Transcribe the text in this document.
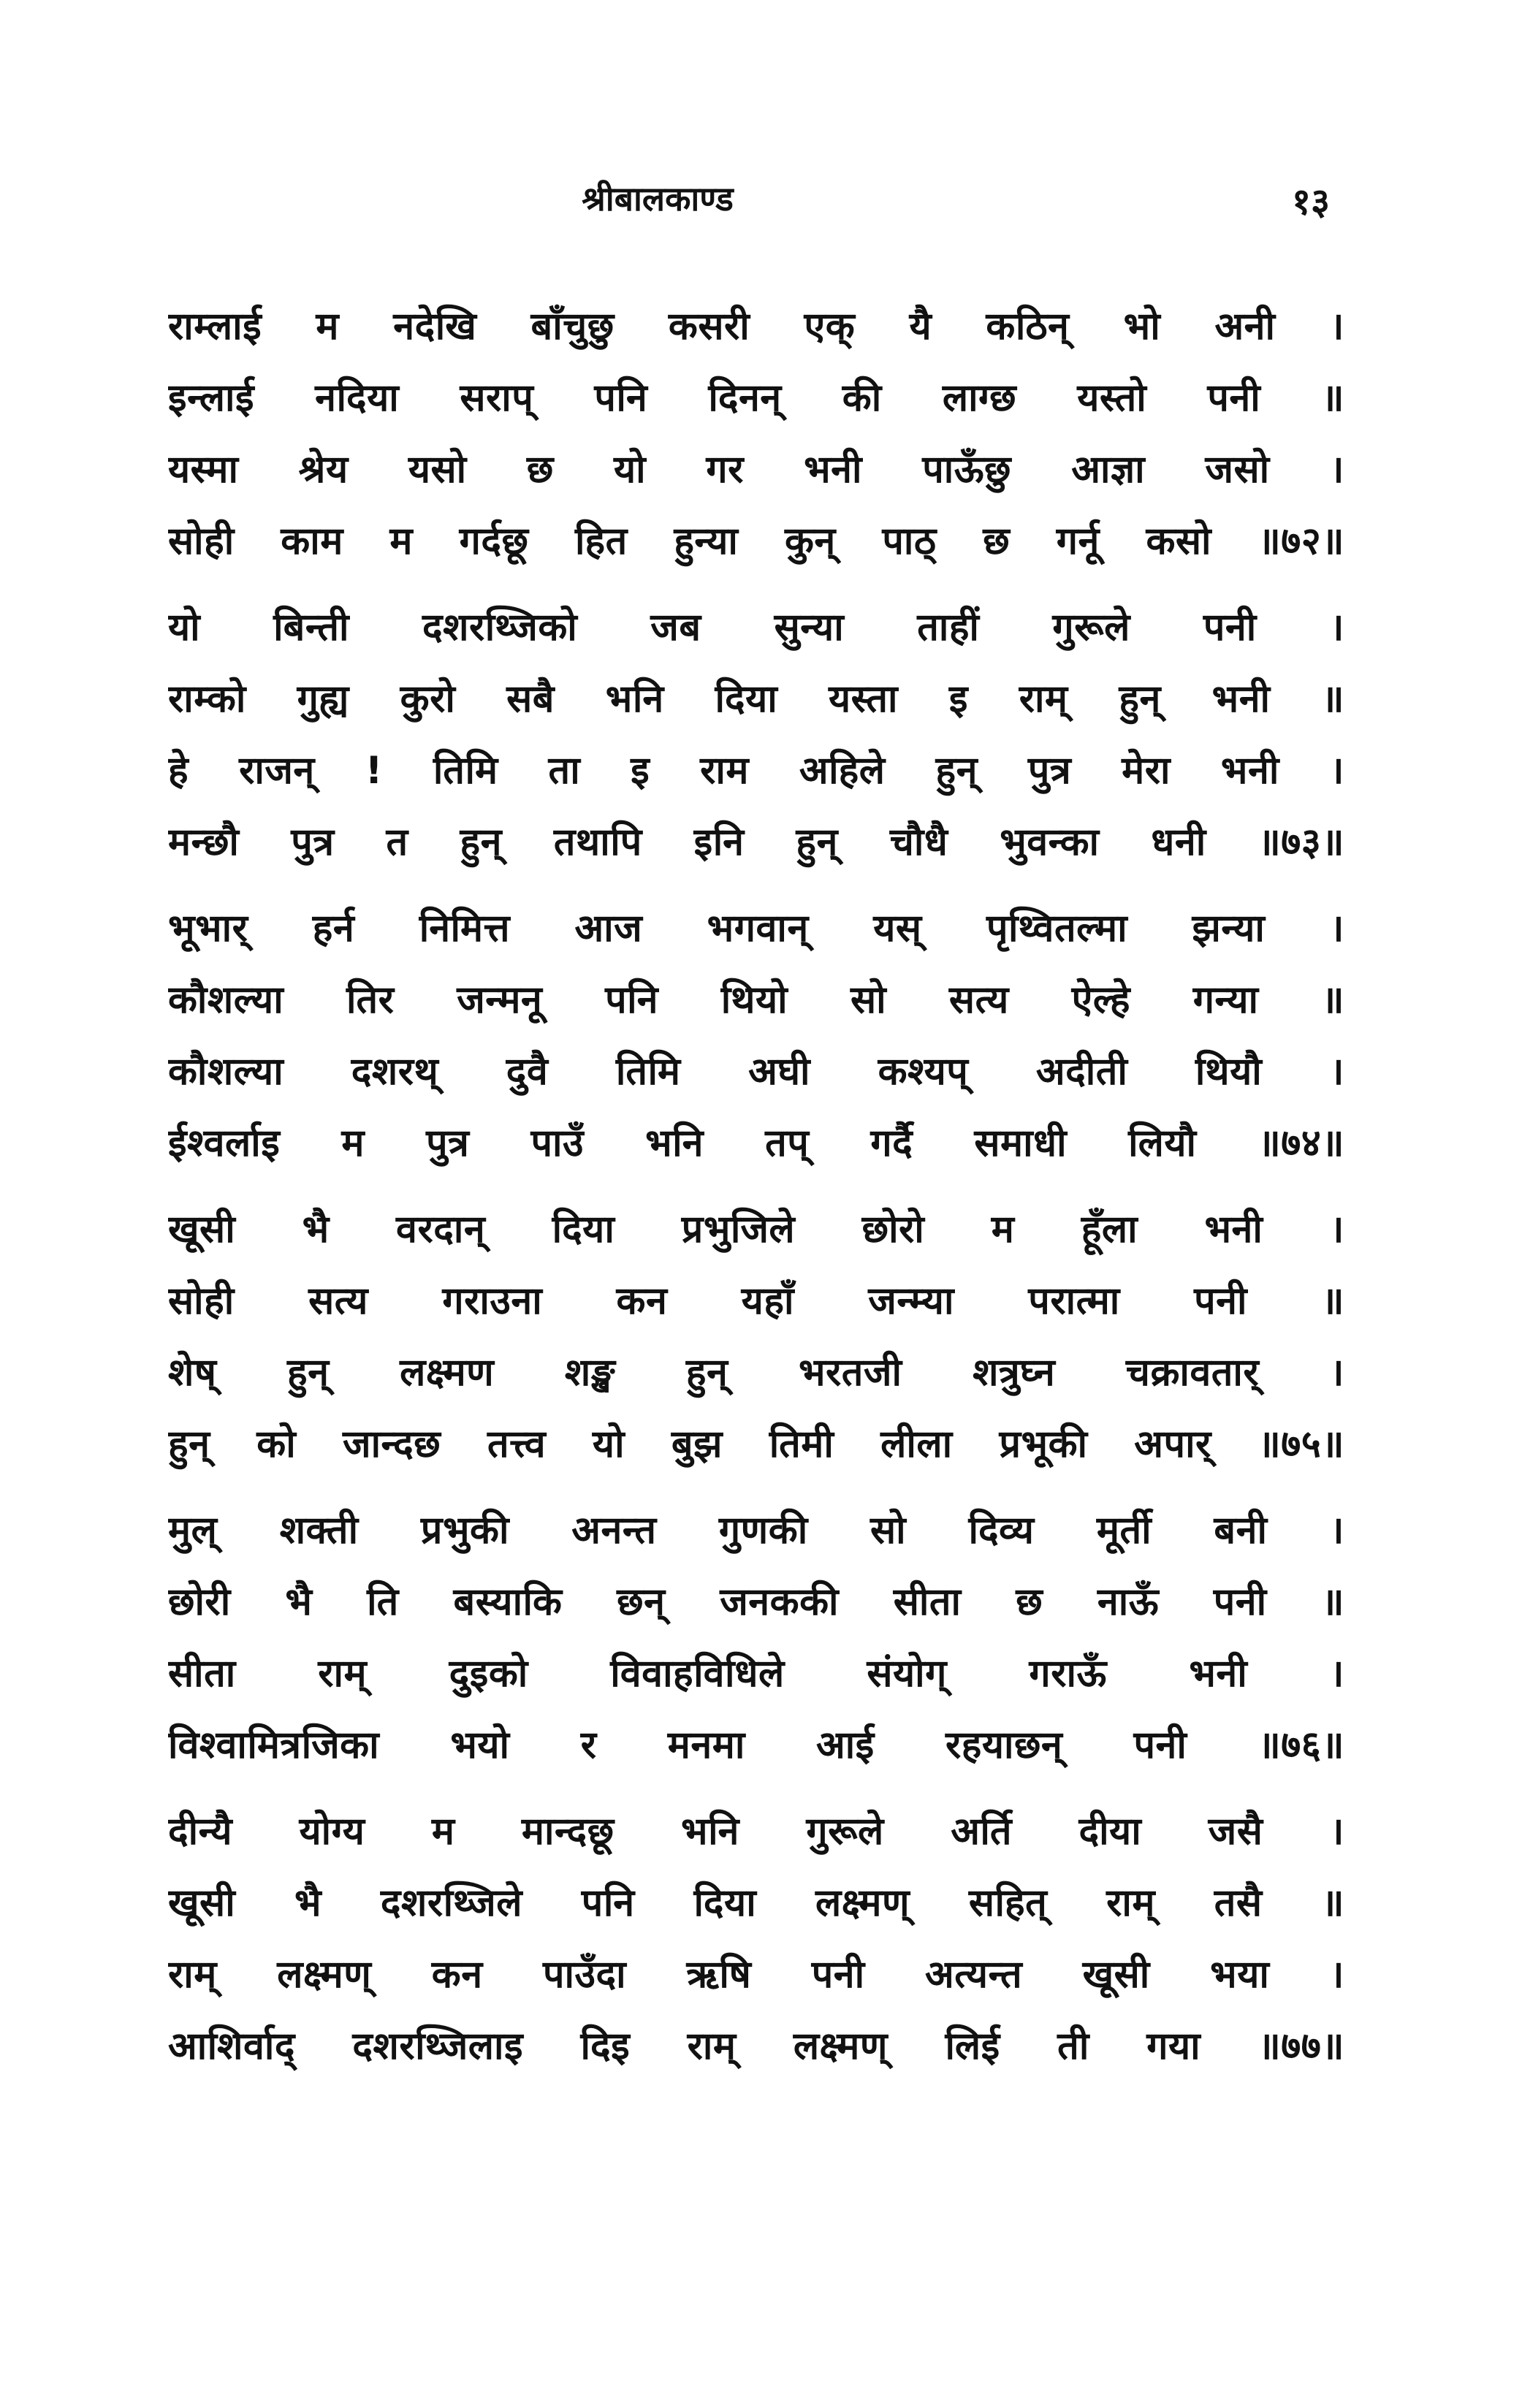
श्रीबालकाण्ड	१३
राम्लाई म नदेखि बाँचुछु कसरी एक् यै कठिन् भो अनी ।
इन्लाई नदिया सराप् पनि दिनन् की लाग्छ यस्तो पनी ॥
यस्मा श्रेय यसो छ यो गर भनी पाऊँछु आज्ञा जसो ।
सोही काम म गर्दछू हित हुन्या कुन् पाठ् छ गर्नू कसो ॥७२॥
यो बिन्ती दशरथ्जिको जब सुन्या ताहीं गुरूले पनी ।
राम्को गुह्य कुरो सबै भनि दिया यस्ता इ राम् हुन् भनी ॥
हे राजन् ! तिमि ता इ राम अहिले हुन् पुत्र मेरा भनी ।
मन्छौ पुत्र त हुन् तथापि इनि हुन् चौधै भुवन्का धनी ॥७३॥
भूभार् हर्न निमित्त आज भगवान् यस् पृथ्वितल्मा झन्या ।
कौशल्या तिर जन्मनू पनि थियो सो सत्य ऐल्हे गन्या ॥
कौशल्या दशरथ् दुवै तिमि अघी कश्यप् अदीती थियौ ।
ईश्वर्लाइ म पुत्र पाउँ भनि तप् गर्दै समाधी लियौ ॥७४॥
खूसी भै वरदान् दिया प्रभुजिले छोरो म हूँला भनी ।
सोही सत्य गराउना कन यहाँ जन्म्या परात्मा पनी ॥
शेष् हुन् लक्ष्मण शङ्ख हुन् भरतजी शत्रुघ्न चक्रावतार् ।
हुन् को जान्दछ तत्त्व यो बुझ तिमी लीला प्रभूकी अपार् ॥७५॥
मुल् शक्ती प्रभुकी अनन्त गुणकी सो दिव्य मूर्ती बनी ।
छोरी भै ति बस्याकि छन् जनककी सीता छ नाऊँ पनी ॥
सीता राम् दुइको विवाहविधिले संयोग् गराऊँ भनी ।
विश्वामित्रजिका भयो र मनमा आई रहयाछन् पनी ॥७६॥
दीन्यै योग्य म मान्दछू भनि गुरूले अर्ति दीया जसै ।
खूसी भै दशरथ्जिले पनि दिया लक्ष्मण् सहित् राम् तसै ॥
राम् लक्ष्मण् कन पाउँदा ऋषि पनी अत्यन्त खूसी भया ।
आशिर्वाद् दशरथ्जिलाइ दिइ राम् लक्ष्मण् लिई ती गया ॥७७॥
